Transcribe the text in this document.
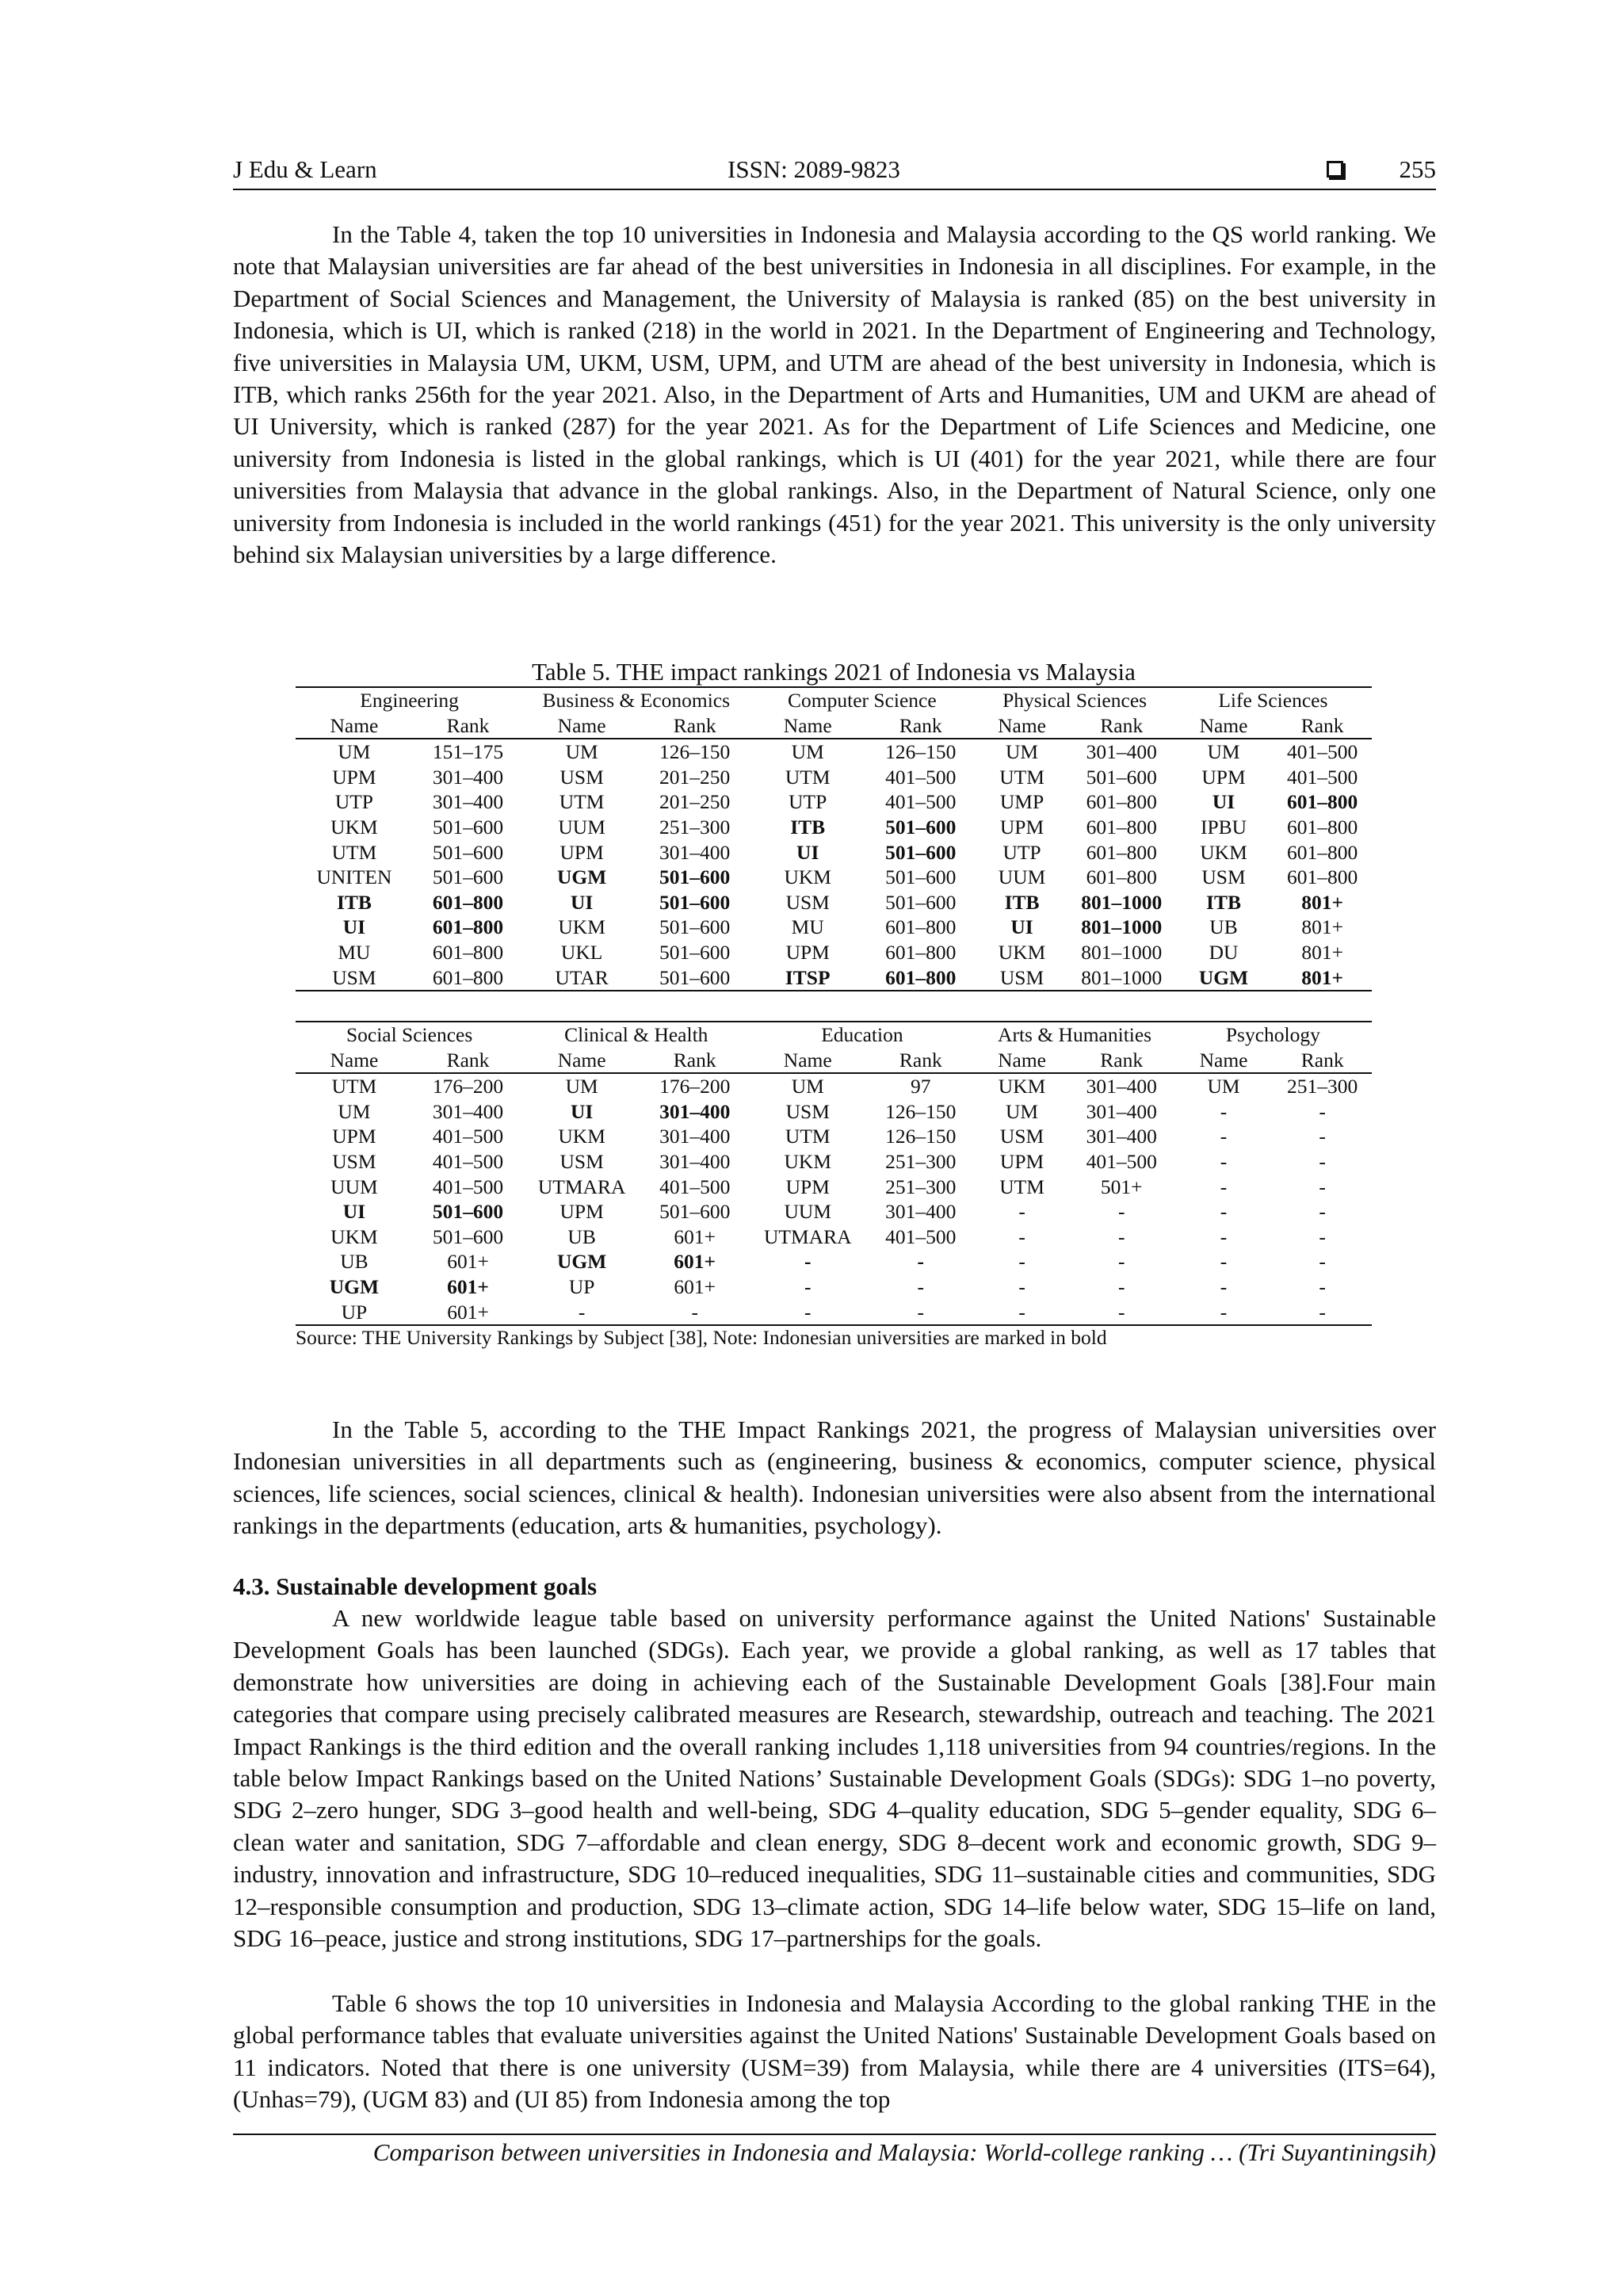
J Edu & Learn	ISSN: 2089-9823	255

In the Table 4, taken the top 10 universities in Indonesia and Malaysia according to the QS world ranking. We note that Malaysian universities are far ahead of the best universities in Indonesia in all disciplines. For example, in the Department of Social Sciences and Management, the University of Malaysia is ranked (85) on the best university in Indonesia, which is UI, which is ranked (218) in the world in 2021. In the Department of Engineering and Technology, five universities in Malaysia UM, UKM, USM, UPM, and UTM are ahead of the best university in Indonesia, which is ITB, which ranks 256th for the year 2021. Also, in the Department of Arts and Humanities, UM and UKM are ahead of UI University, which is ranked (287) for the year 2021. As for the Department of Life Sciences and Medicine, one university from Indonesia is listed in the global rankings, which is UI (401) for the year 2021, while there are four universities from Malaysia that advance in the global rankings. Also, in the Department of Natural Science, only one university from Indonesia is included in the world rankings (451) for the year 2021. This university is the only university behind six Malaysian universities by a large difference.

Table 5. THE impact rankings 2021 of Indonesia vs Malaysia
Engineering		Business & Economics		Computer Science		Physical Sciences		Life Sciences	
Name	Rank	Name	Rank	Name	Rank	Name	Rank	Name	Rank
UM	151–175	UM	126–150	UM	126–150	UM	301–400	UM	401–500
UPM	301–400	USM	201–250	UTM	401–500	UTM	501–600	UPM	401–500
UTP	301–400	UTM	201–250	UTP	401–500	UMP	601–800	UI	601–800
UKM	501–600	UUM	251–300	ITB	501–600	UPM	601–800	IPBU	601–800
UTM	501–600	UPM	301–400	UI	501–600	UTP	601–800	UKM	601–800
UNITEN	501–600	UGM	501–600	UKM	501–600	UUM	601–800	USM	601–800
ITB	601–800	UI	501–600	USM	501–600	ITB	801–1000	ITB	801+
UI	601–800	UKM	501–600	MU	601–800	UI	801–1000	UB	801+
MU	601–800	UKL	501–600	UPM	601–800	UKM	801–1000	DU	801+
USM	601–800	UTAR	501–600	ITSP	601–800	USM	801–1000	UGM	801+
Social Sciences		Clinical & Health		Education		Arts & Humanities		Psychology	
Name	Rank	Name	Rank	Name	Rank	Name	Rank	Name	Rank
UTM	176–200	UM	176–200	UM	97	UKM	301–400	UM	251–300
UM	301–400	UI	301–400	USM	126–150	UM	301–400	-	-
UPM	401–500	UKM	301–400	UTM	126–150	USM	301–400	-	-
USM	401–500	USM	301–400	UKM	251–300	UPM	401–500	-	-
UUM	401–500	UTMARA	401–500	UPM	251–300	UTM	501+	-	-
UI	501–600	UPM	501–600	UUM	301–400	-	-	-	-
UKM	501–600	UB	601+	UTMARA	401–500	-	-	-	-
UB	601+	UGM	601+	-	-	-	-	-	-
UGM	601+	UP	601+	-	-	-	-	-	-
UP	601+	-	-	-	-	-	-	-	-
Source: THE University Rankings by Subject [38], Note: Indonesian universities are marked in bold

In the Table 5, according to the THE Impact Rankings 2021, the progress of Malaysian universities over Indonesian universities in all departments such as (engineering, business & economics, computer science, physical sciences, life sciences, social sciences, clinical & health). Indonesian universities were also absent from the international rankings in the departments (education, arts & humanities, psychology).

4.3. Sustainable development goals

A new worldwide league table based on university performance against the United Nations' Sustainable Development Goals has been launched (SDGs). Each year, we provide a global ranking, as well as 17 tables that demonstrate how universities are doing in achieving each of the Sustainable Development Goals [38].Four main categories that compare using precisely calibrated measures are Research, stewardship, outreach and teaching. The 2021 Impact Rankings is the third edition and the overall ranking includes 1,118 universities from 94 countries/regions. In the table below Impact Rankings based on the United Nations’ Sustainable Development Goals (SDGs): SDG 1–no poverty, SDG 2–zero hunger, SDG 3–good health and well-being, SDG 4–quality education, SDG 5–gender equality, SDG 6–clean water and sanitation, SDG 7–affordable and clean energy, SDG 8–decent work and economic growth, SDG 9–industry, innovation and infrastructure, SDG 10–reduced inequalities, SDG 11–sustainable cities and communities, SDG 12–responsible consumption and production, SDG 13–climate action, SDG 14–life below water, SDG 15–life on land, SDG 16–peace, justice and strong institutions, SDG 17–partnerships for the goals.

Table 6 shows the top 10 universities in Indonesia and Malaysia According to the global ranking THE in the global performance tables that evaluate universities against the United Nations' Sustainable Development Goals based on 11 indicators. Noted that there is one university (USM=39) from Malaysia, while there are 4 universities (ITS=64), (Unhas=79), (UGM 83) and (UI 85) from Indonesia among the top

Comparison between universities in Indonesia and Malaysia: World-college ranking … (Tri Suyantiningsih)
